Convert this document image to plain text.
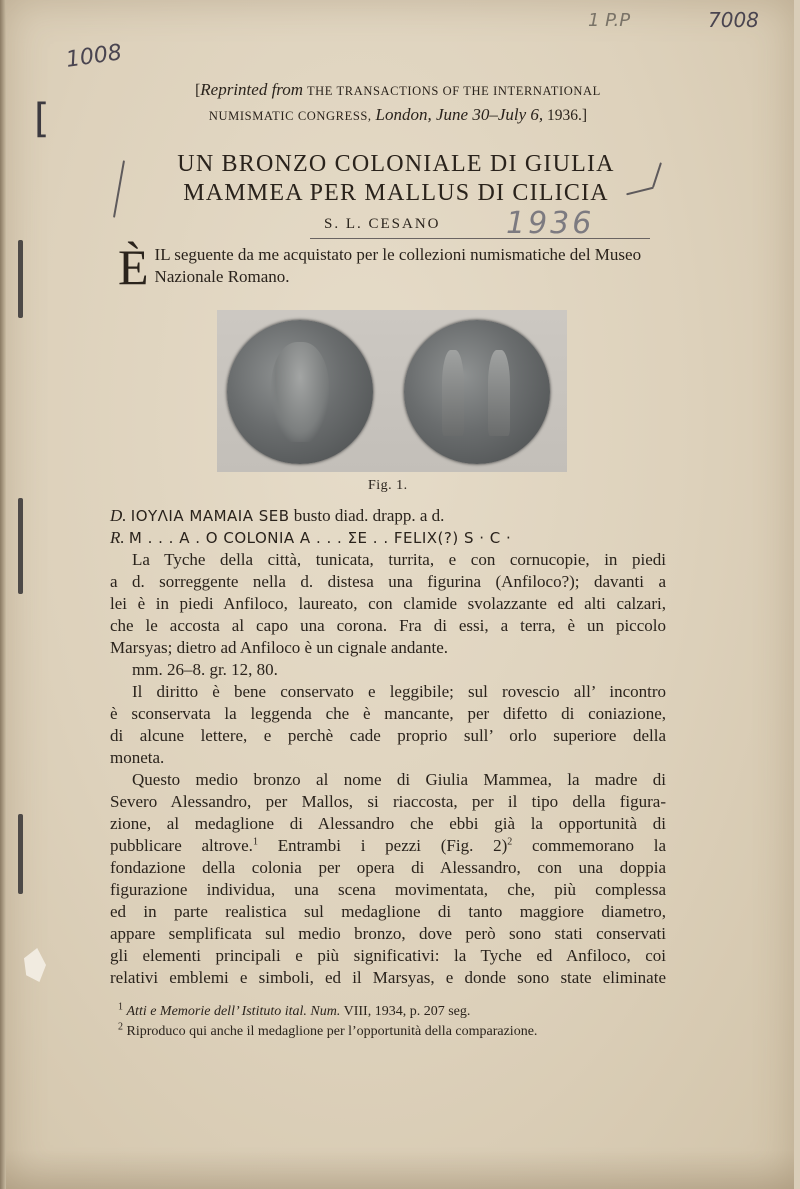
1008
1 P.P	7008
[
[Reprinted from THE TRANSACTIONS OF THE INTERNATIONAL
NUMISMATIC CONGRESS, London, June 30–July 6, 1936.]
UN BRONZO COLONIALE DI GIULIA
MAMMEA PER MALLUS DI CILICIA
S. L. CESANO 1936
È IL seguente da me acquistato per le collezioni numismatiche del Museo Nazionale Romano.
Fig. 1.

D. ΙΟΥΛΙΑ ΜΑΜΑΙΑ SEB busto diad. drapp. a d.

R. M . . . Α . Ο COLONIA A . . . ΣΕ . . FELIX(?) S · C ·

La Tyche della città, tunicata, turrita, e con cornucopie, in piedi

a d. sorreggente nella d. distesa una figurina (Anfiloco?); davanti a

lei è in piedi Anfiloco, laureato, con clamide svolazzante ed alti calzari,

che le accosta al capo una corona. Fra di essi, a terra, è un piccolo

Marsyas; dietro ad Anfiloco è un cignale andante.

mm. 26–8. gr. 12, 80.

Il diritto è bene conservato e leggibile; sul rovescio all’ incontro

è sconservata la leggenda che è mancante, per difetto di coniazione,

di alcune lettere, e perchè cade proprio sull’ orlo superiore della

moneta.

Questo medio bronzo al nome di Giulia Mammea, la madre di

Severo Alessandro, per Mallos, si riaccosta, per il tipo della figura-

zione, al medaglione di Alessandro che ebbi già la opportunità di

pubblicare altrove.$^1$ Entrambi i pezzi (Fig. 2)$^2$ commemorano la

fondazione della colonia per opera di Alessandro, con una doppia

figurazione individua, una scena movimentata, che, più complessa

ed in parte realistica sul medaglione di tanto maggiore diametro,

appare semplificata sul medio bronzo, dove però sono stati conservati

gli elementi principali e più significativi: la Tyche ed Anfiloco, coi

relativi emblemi e simboli, ed il Marsyas, e donde sono state eliminate

$^1$ Atti e Memorie dell’ Istituto ital. Num. VIII, 1934, p. 207 seg.
$^2$ Riproduco qui anche il medaglione per l’opportunità della comparazione.
